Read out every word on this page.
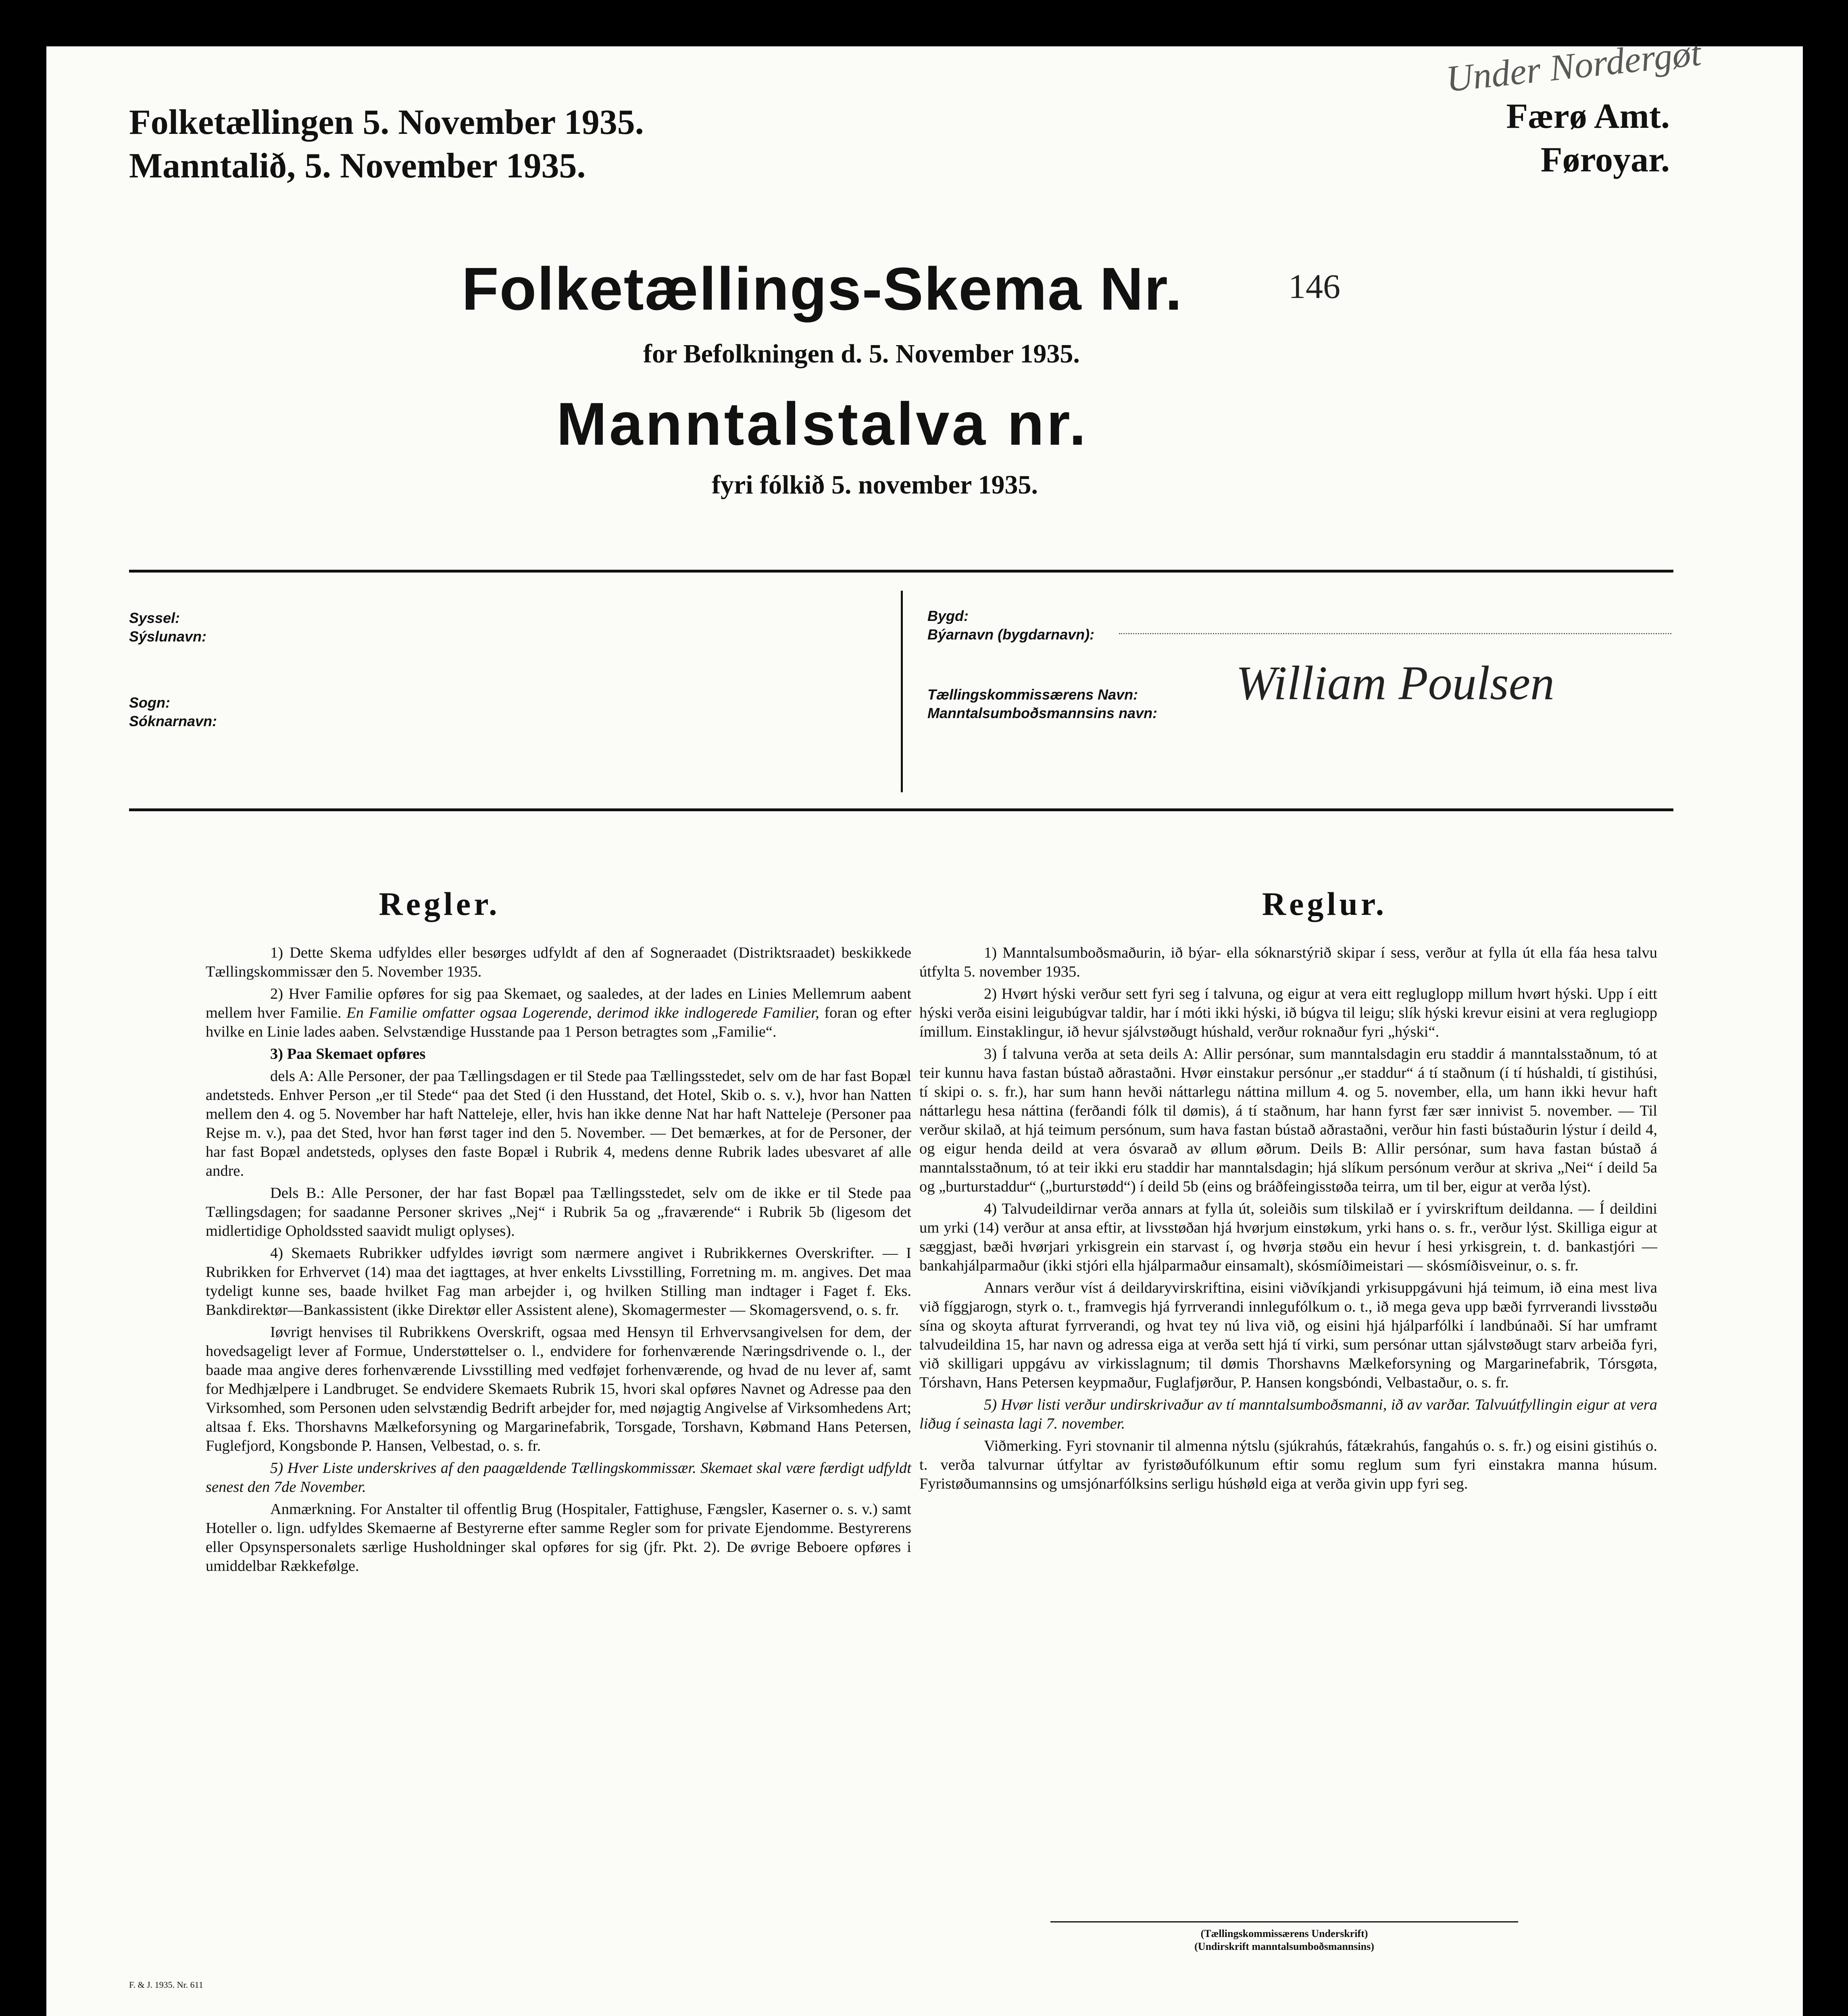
Folketællingen 5. November 1935.
Manntalið, 5. November 1935.
Færø Amt.
Føroyar.
Under Nordergøt
Folketællings-Skema Nr.	146
for Befolkningen d. 5. November 1935.
Manntalstalva nr.
fyri fólkið 5. november 1935.
Syssel:
Sýslunavn:
Sogn:
Sóknarnavn:
Bygd:
Býarnavn (bygdarnavn):
Tællingskommissærens Navn:
Manntalsumboðsmannsins navn:
William Poulsen
Regler.

1) Dette Skema udfyldes eller besørges udfyldt af den af Sogneraadet (Distriktsraadet) beskikkede Tællingskommissær den 5. November 1935.

2) Hver Familie opføres for sig paa Skemaet, og saaledes, at der lades en Linies Mellemrum aabent mellem hver Familie. En Familie omfatter ogsaa Logerende, derimod ikke indlogerede Familier, foran og efter hvilke en Linie lades aaben. Selvstændige Husstande paa 1 Person betragtes som „Familie“.

3) Paa Skemaet opføres

dels A: Alle Personer, der paa Tællingsdagen er til Stede paa Tællingsstedet, selv om de har fast Bopæl andetsteds. Enhver Person „er til Stede“ paa det Sted (i den Husstand, det Hotel, Skib o. s. v.), hvor han Natten mellem den 4. og 5. November har haft Natteleje, eller, hvis han ikke denne Nat har haft Natteleje (Personer paa Rejse m. v.), paa det Sted, hvor han først tager ind den 5. November. — Det bemærkes, at for de Personer, der har fast Bopæl andetsteds, oplyses den faste Bopæl i Rubrik 4, medens denne Rubrik lades ubesvaret af alle andre.

Dels B.: Alle Personer, der har fast Bopæl paa Tællingsstedet, selv om de ikke er til Stede paa Tællingsdagen; for saadanne Personer skrives „Nej“ i Rubrik 5a og „fraværende“ i Rubrik 5b (ligesom det midlertidige Opholdssted saavidt muligt oplyses).

4) Skemaets Rubrikker udfyldes iøvrigt som nærmere angivet i Rubrikkernes Overskrifter. — I Rubrikken for Erhvervet (14) maa det iagttages, at hver enkelts Livsstilling, Forretning m. m. angives. Det maa tydeligt kunne ses, baade hvilket Fag man arbejder i, og hvilken Stilling man indtager i Faget f. Eks. Bankdirektør—Bankassistent (ikke Direktør eller Assistent alene), Skomagermester — Skomagersvend, o. s. fr.

Iøvrigt henvises til Rubrikkens Overskrift, ogsaa med Hensyn til Erhvervsangivelsen for dem, der hovedsageligt lever af Formue, Understøttelser o. l., endvidere for forhenværende Næringsdrivende o. l., der baade maa angive deres forhenværende Livsstilling med vedføjet forhenværende, og hvad de nu lever af, samt for Medhjælpere i Landbruget. Se endvidere Skemaets Rubrik 15, hvori skal opføres Navnet og Adresse paa den Virksomhed, som Personen uden selvstændig Bedrift arbejder for, med nøjagtig Angivelse af Virksomhedens Art; altsaa f. Eks. Thorshavns Mælkeforsyning og Margarinefabrik, Torsgade, Torshavn, Købmand Hans Petersen, Fuglefjord, Kongsbonde P. Hansen, Velbestad, o. s. fr.

5) Hver Liste underskrives af den paagældende Tællingskommissær. Skemaet skal være færdigt udfyldt senest den 7de November.

Anmærkning. For Anstalter til offentlig Brug (Hospitaler, Fattighuse, Fængsler, Kaserner o. s. v.) samt Hoteller o. lign. udfyldes Skemaerne af Bestyrerne efter samme Regler som for private Ejendomme. Bestyrerens eller Opsynspersonalets særlige Husholdninger skal opføres for sig (jfr. Pkt. 2). De øvrige Beboere opføres i umiddelbar Rækkefølge.

Reglur.

1) Manntalsumboðsmaðurin, ið býar- ella sóknarstýrið skipar í sess, verður at fylla út ella fáa hesa talvu útfylta 5. november 1935.

2) Hvørt hýski verður sett fyri seg í talvuna, og eigur at vera eitt regluglopp millum hvørt hýski. Upp í eitt hýski verða eisini leigubúgvar taldir, har í móti ikki hýski, ið búgva til leigu; slík hýski krevur eisini at vera reglugiopp ímillum. Einstaklingur, ið hevur sjálvstøðugt húshald, verður roknaður fyri „hýski“.

3) Í talvuna verða at seta deils A: Allir persónar, sum manntalsdagin eru staddir á manntalsstaðnum, tó at teir kunnu hava fastan bústað aðrastaðni. Hvør einstakur persónur „er staddur“ á tí staðnum (í tí húshaldi, tí gistihúsi, tí skipi o. s. fr.), har sum hann hevði náttarlegu náttina millum 4. og 5. november, ella, um hann ikki hevur haft náttarlegu hesa náttina (ferðandi fólk til dømis), á tí staðnum, har hann fyrst fær sær innivist 5. november. — Til verður skilað, at hjá teimum persónum, sum hava fastan bústað aðrastaðni, verður hin fasti bústaðurin lýstur í deild 4, og eigur henda deild at vera ósvarað av øllum øðrum. Deils B: Allir persónar, sum hava fastan bústað á manntalsstaðnum, tó at teir ikki eru staddir har manntalsdagin; hjá slíkum persónum verður at skriva „Nei“ í deild 5a og „burturstaddur“ („burturstødd“) í deild 5b (eins og bráðfeingisstøða teirra, um til ber, eigur at verða lýst).

4) Talvudeildirnar verða annars at fylla út, soleiðis sum tilskilað er í yvirskriftum deildanna. — Í deildini um yrki (14) verður at ansa eftir, at livsstøðan hjá hvørjum einstøkum, yrki hans o. s. fr., verður lýst. Skilliga eigur at sæggjast, bæði hvørjari yrkisgrein ein starvast í, og hvørja støðu ein hevur í hesi yrkisgrein, t. d. bankastjóri — bankahjálparmaður (ikki stjóri ella hjálparmaður einsamalt), skósmíðimeistari — skósmíðisveinur, o. s. fr.

Annars verður víst á deildaryvirskriftina, eisini viðvíkjandi yrkisuppgávuni hjá teimum, ið eina mest liva við fíggjarogn, styrk o. t., framvegis hjá fyrrverandi innlegufólkum o. t., ið mega geva upp bæði fyrrverandi livsstøðu sína og skoyta afturat fyrrverandi, og hvat tey nú liva við, og eisini hjá hjálparfólki í landbúnaði. Sí har umframt talvudeildina 15, har navn og adressa eiga at verða sett hjá tí virki, sum persónar uttan sjálvstøðugt starv arbeiða fyri, við skilligari uppgávu av virkisslagnum; til dømis Thorshavns Mælkeforsyning og Margarinefabrik, Tórsgøta, Tórshavn, Hans Petersen keypmaður, Fuglafjørður, P. Hansen kongsbóndi, Velbastaður, o. s. fr.

5) Hvør listi verður undirskrivaður av tí manntalsumboðsmanni, ið av varðar. Talvuútfyllingin eigur at vera liðug í seinasta lagi 7. november.

Viðmerking. Fyri stovnanir til almenna nýtslu (sjúkrahús, fátækrahús, fangahús o. s. fr.) og eisini gistihús o. t. verða talvurnar útfyltar av fyristøðufólkunum eftir somu reglum sum fyri einstakra manna húsum. Fyristøðumannsins og umsjónarfólksins serligu húshøld eiga at verða givin upp fyri seg.

(Tællingskommissærens Underskrift)
(Undirskrift manntalsumboðsmannsins)
F. & J. 1935. Nr. 611
